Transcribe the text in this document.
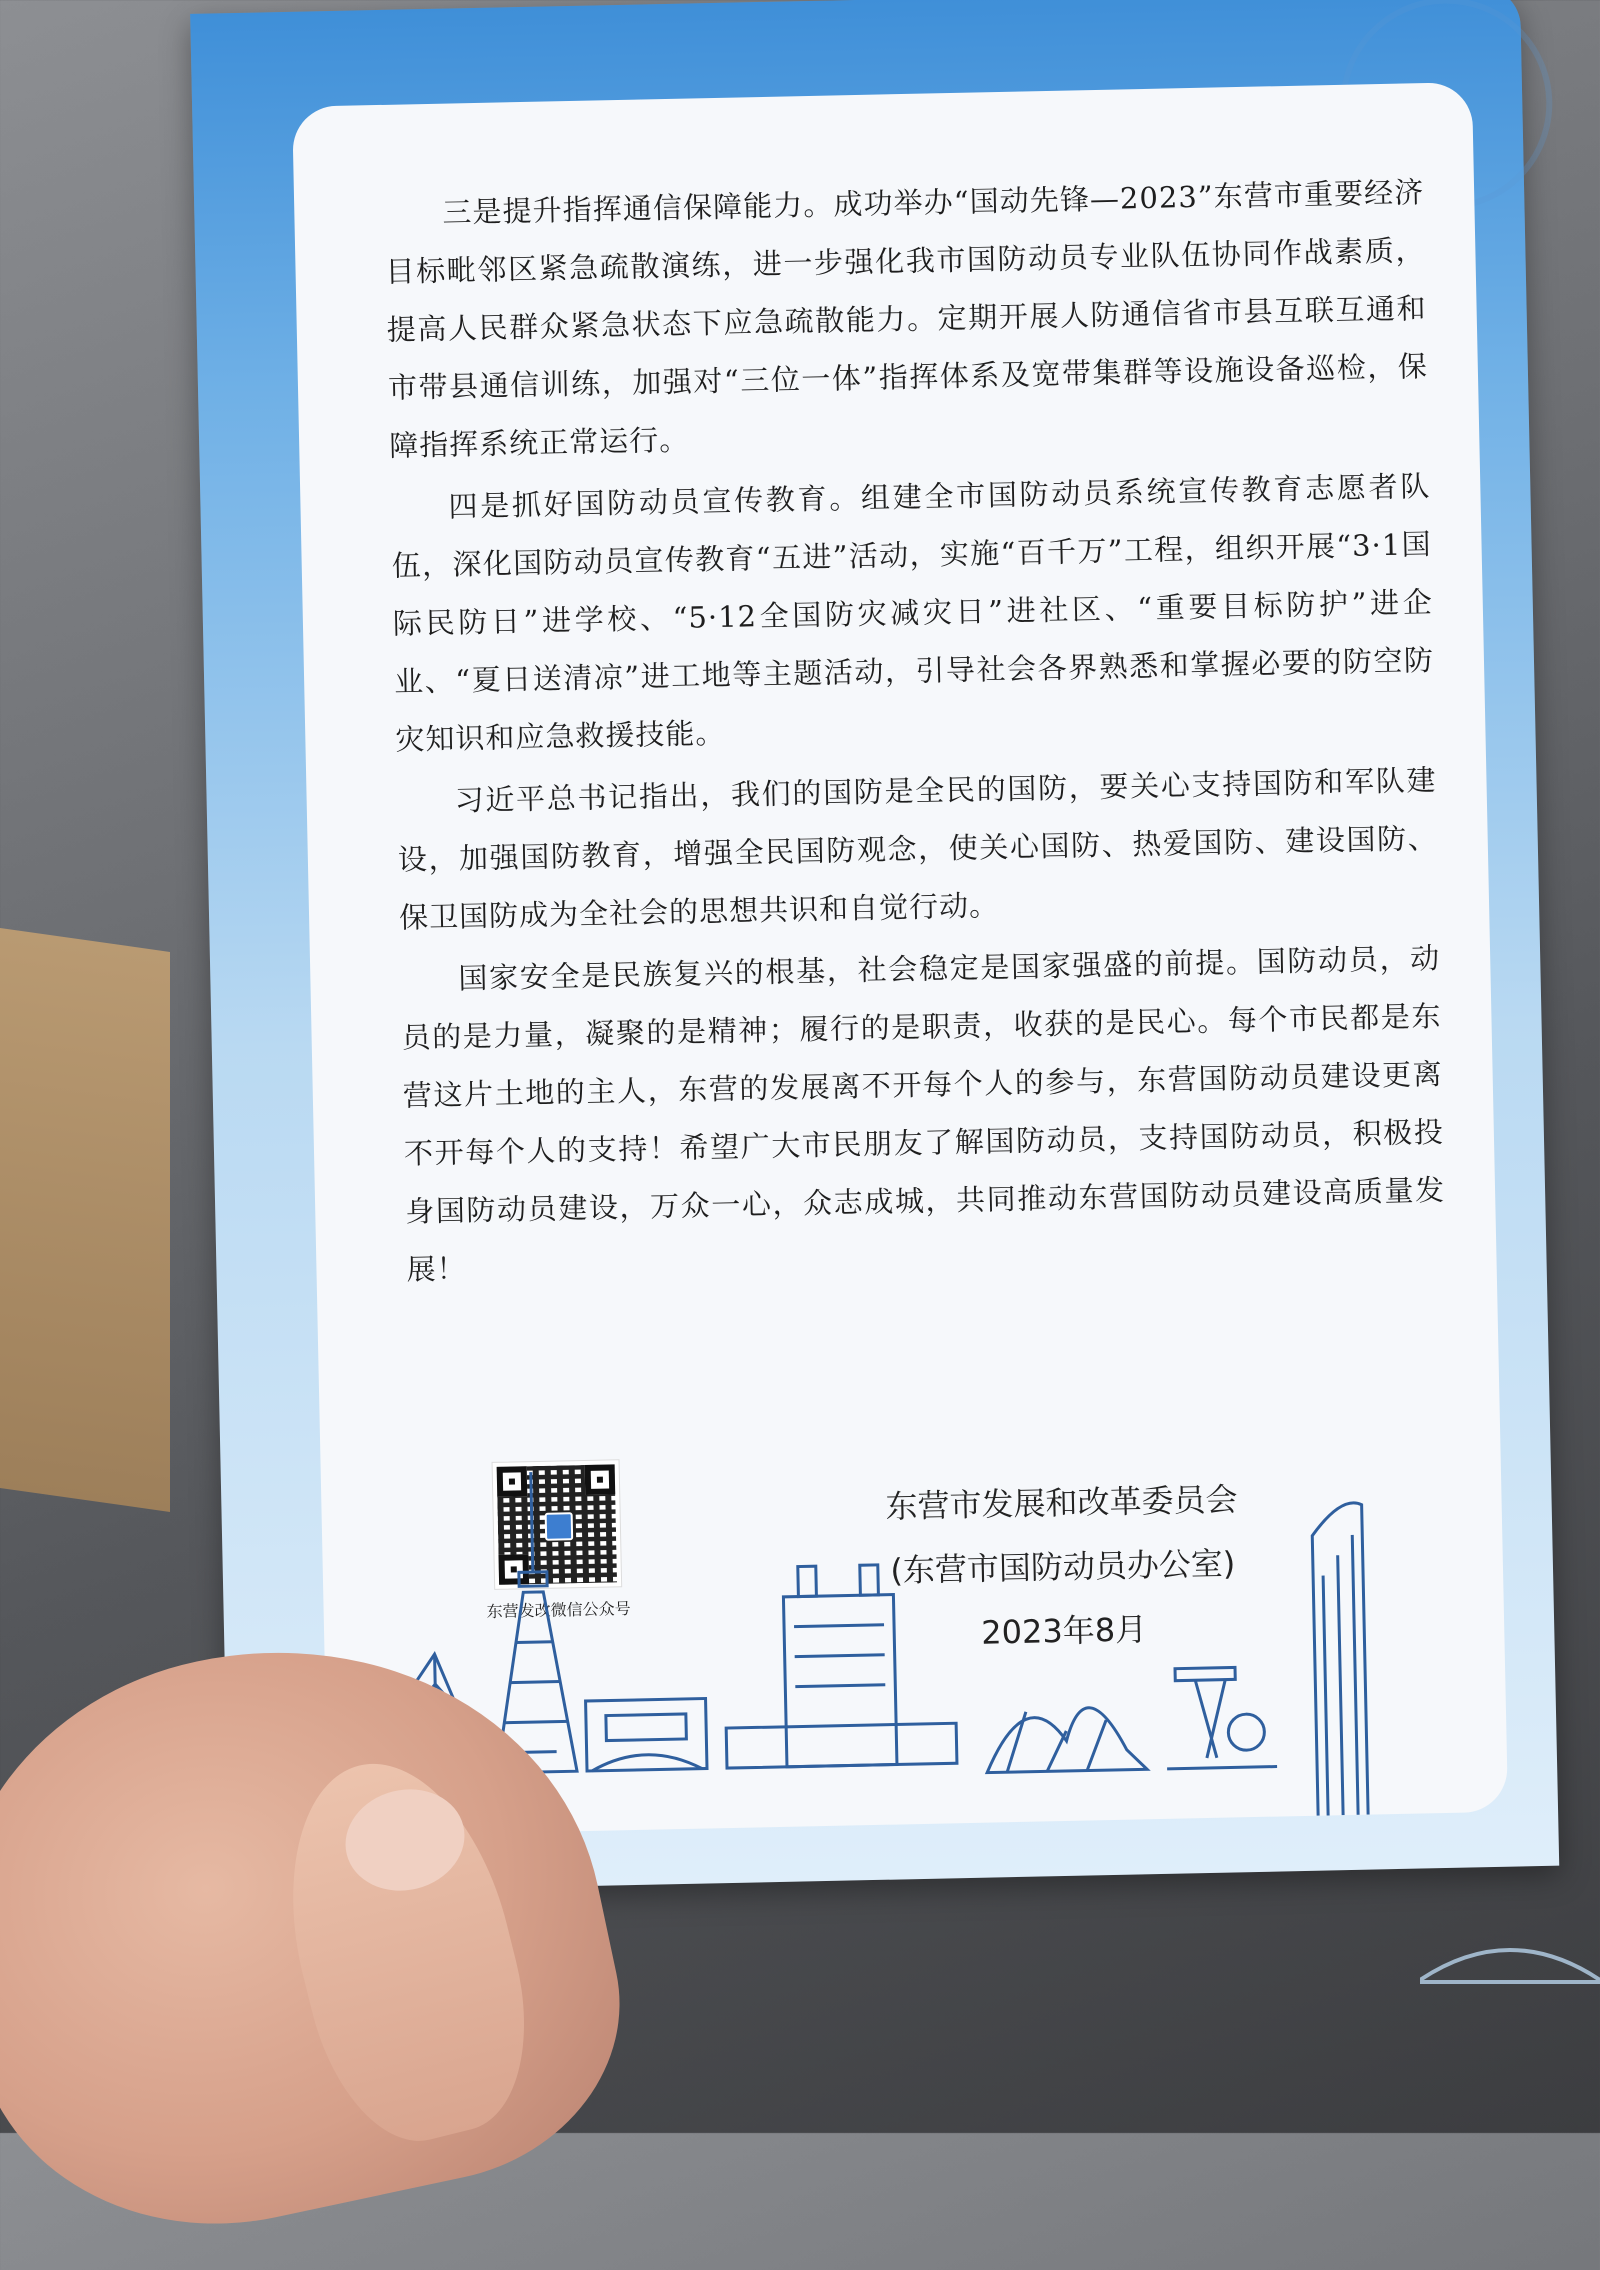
三是提升指挥通信保障能力。成功举办“国动先锋—2023”东营市重要经济目标毗邻区紧急疏散演练，进一步强化我市国防动员专业队伍协同作战素质，提高人民群众紧急状态下应急疏散能力。定期开展人防通信省市县互联互通和市带县通信训练，加强对“三位一体”指挥体系及宽带集群等设施设备巡检，保障指挥系统正常运行。

四是抓好国防动员宣传教育。组建全市国防动员系统宣传教育志愿者队伍，深化国防动员宣传教育“五进”活动，实施“百千万”工程，组织开展“3·1国际民防日”进学校、“5·12全国防灾减灾日”进社区、“重要目标防护”进企业、“夏日送清凉”进工地等主题活动，引导社会各界熟悉和掌握必要的防空防灾知识和应急救援技能。

习近平总书记指出，我们的国防是全民的国防，要关心支持国防和军队建设，加强国防教育，增强全民国防观念，使关心国防、热爱国防、建设国防、保卫国防成为全社会的思想共识和自觉行动。

国家安全是民族复兴的根基，社会稳定是国家强盛的前提。国防动员，动员的是力量，凝聚的是精神；履行的是职责，收获的是民心。每个市民都是东营这片土地的主人，东营的发展离不开每个人的参与，东营国防动员建设更离不开每个人的支持！希望广大市民朋友了解国防动员，支持国防动员，积极投身国防动员建设，万众一心，众志成城，共同推动东营国防动员建设高质量发展！

东营发改微信公众号
东营市发展和改革委员会
(东营市国防动员办公室)
2023年8月
